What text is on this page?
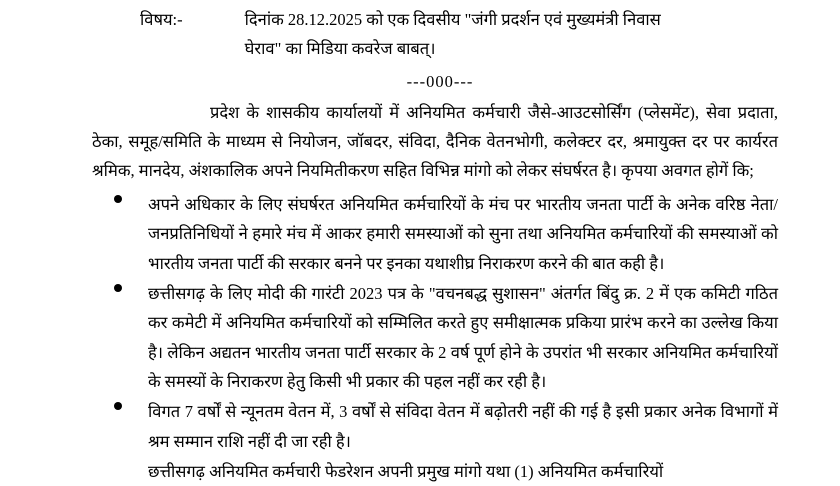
विषय:-	दिनांक 28.12.2025 को एक दिवसीय "जंगी प्रदर्शन एवं मुख्यमंत्री निवास
घेराव" का मिडिया कवरेज बाबत्।
---000---
प्रदेश के शासकीय कार्यालयों में अनियमित कर्मचारी जैसे-आउटसोर्सिंग (प्लेसमेंट), सेवा प्रदाता, ठेका, समूह/समिति के माध्यम से नियोजन, जॉबदर, संविदा, दैनिक वेतनभोगी, कलेक्टर दर, श्रमायुक्त दर पर कार्यरत श्रमिक, मानदेय, अंशकालिक अपने नियमितीकरण सहित विभिन्न मांगो को लेकर संघर्षरत है। कृपया अवगत होगें कि;
अपने अधिकार के लिए संघर्षरत अनियमित कर्मचारियों के मंच पर भारतीय जनता पार्टी के अनेक वरिष्ठ नेता/जनप्रतिनिधियों ने हमारे मंच में आकर हमारी समस्याओं को सुना तथा अनियमित कर्मचारियों की समस्याओं को भारतीय जनता पार्टी की सरकार बनने पर इनका यथाशीघ्र निराकरण करने की बात कही है।
छत्तीसगढ़ के लिए मोदी की गारंटी 2023 पत्र के "वचनबद्ध सुशासन" अंतर्गत बिंदु क्र. 2 में एक कमिटी गठित कर कमेटी में अनियमित कर्मचारियों को सम्मिलित करते हुए समीक्षात्मक प्रकिया प्रारंभ करने का उल्लेख किया है। लेकिन अद्यतन भारतीय जनता पार्टी सरकार के 2 वर्ष पूर्ण होने के उपरांत भी सरकार अनियमित कर्मचारियों के समस्यों के निराकरण हेतु किसी भी प्रकार की पहल नहीं कर रही है।
विगत 7 वर्षों से न्यूनतम वेतन में, 3 वर्षों से संविदा वेतन में बढ़ोतरी नहीं की गई है इसी प्रकार अनेक विभागों में श्रम सम्मान राशि नहीं दी जा रही है।
छत्तीसगढ़ अनियमित कर्मचारी फेडरेशन अपनी प्रमुख मांगो यथा (1) अनियमित कर्मचारियों
